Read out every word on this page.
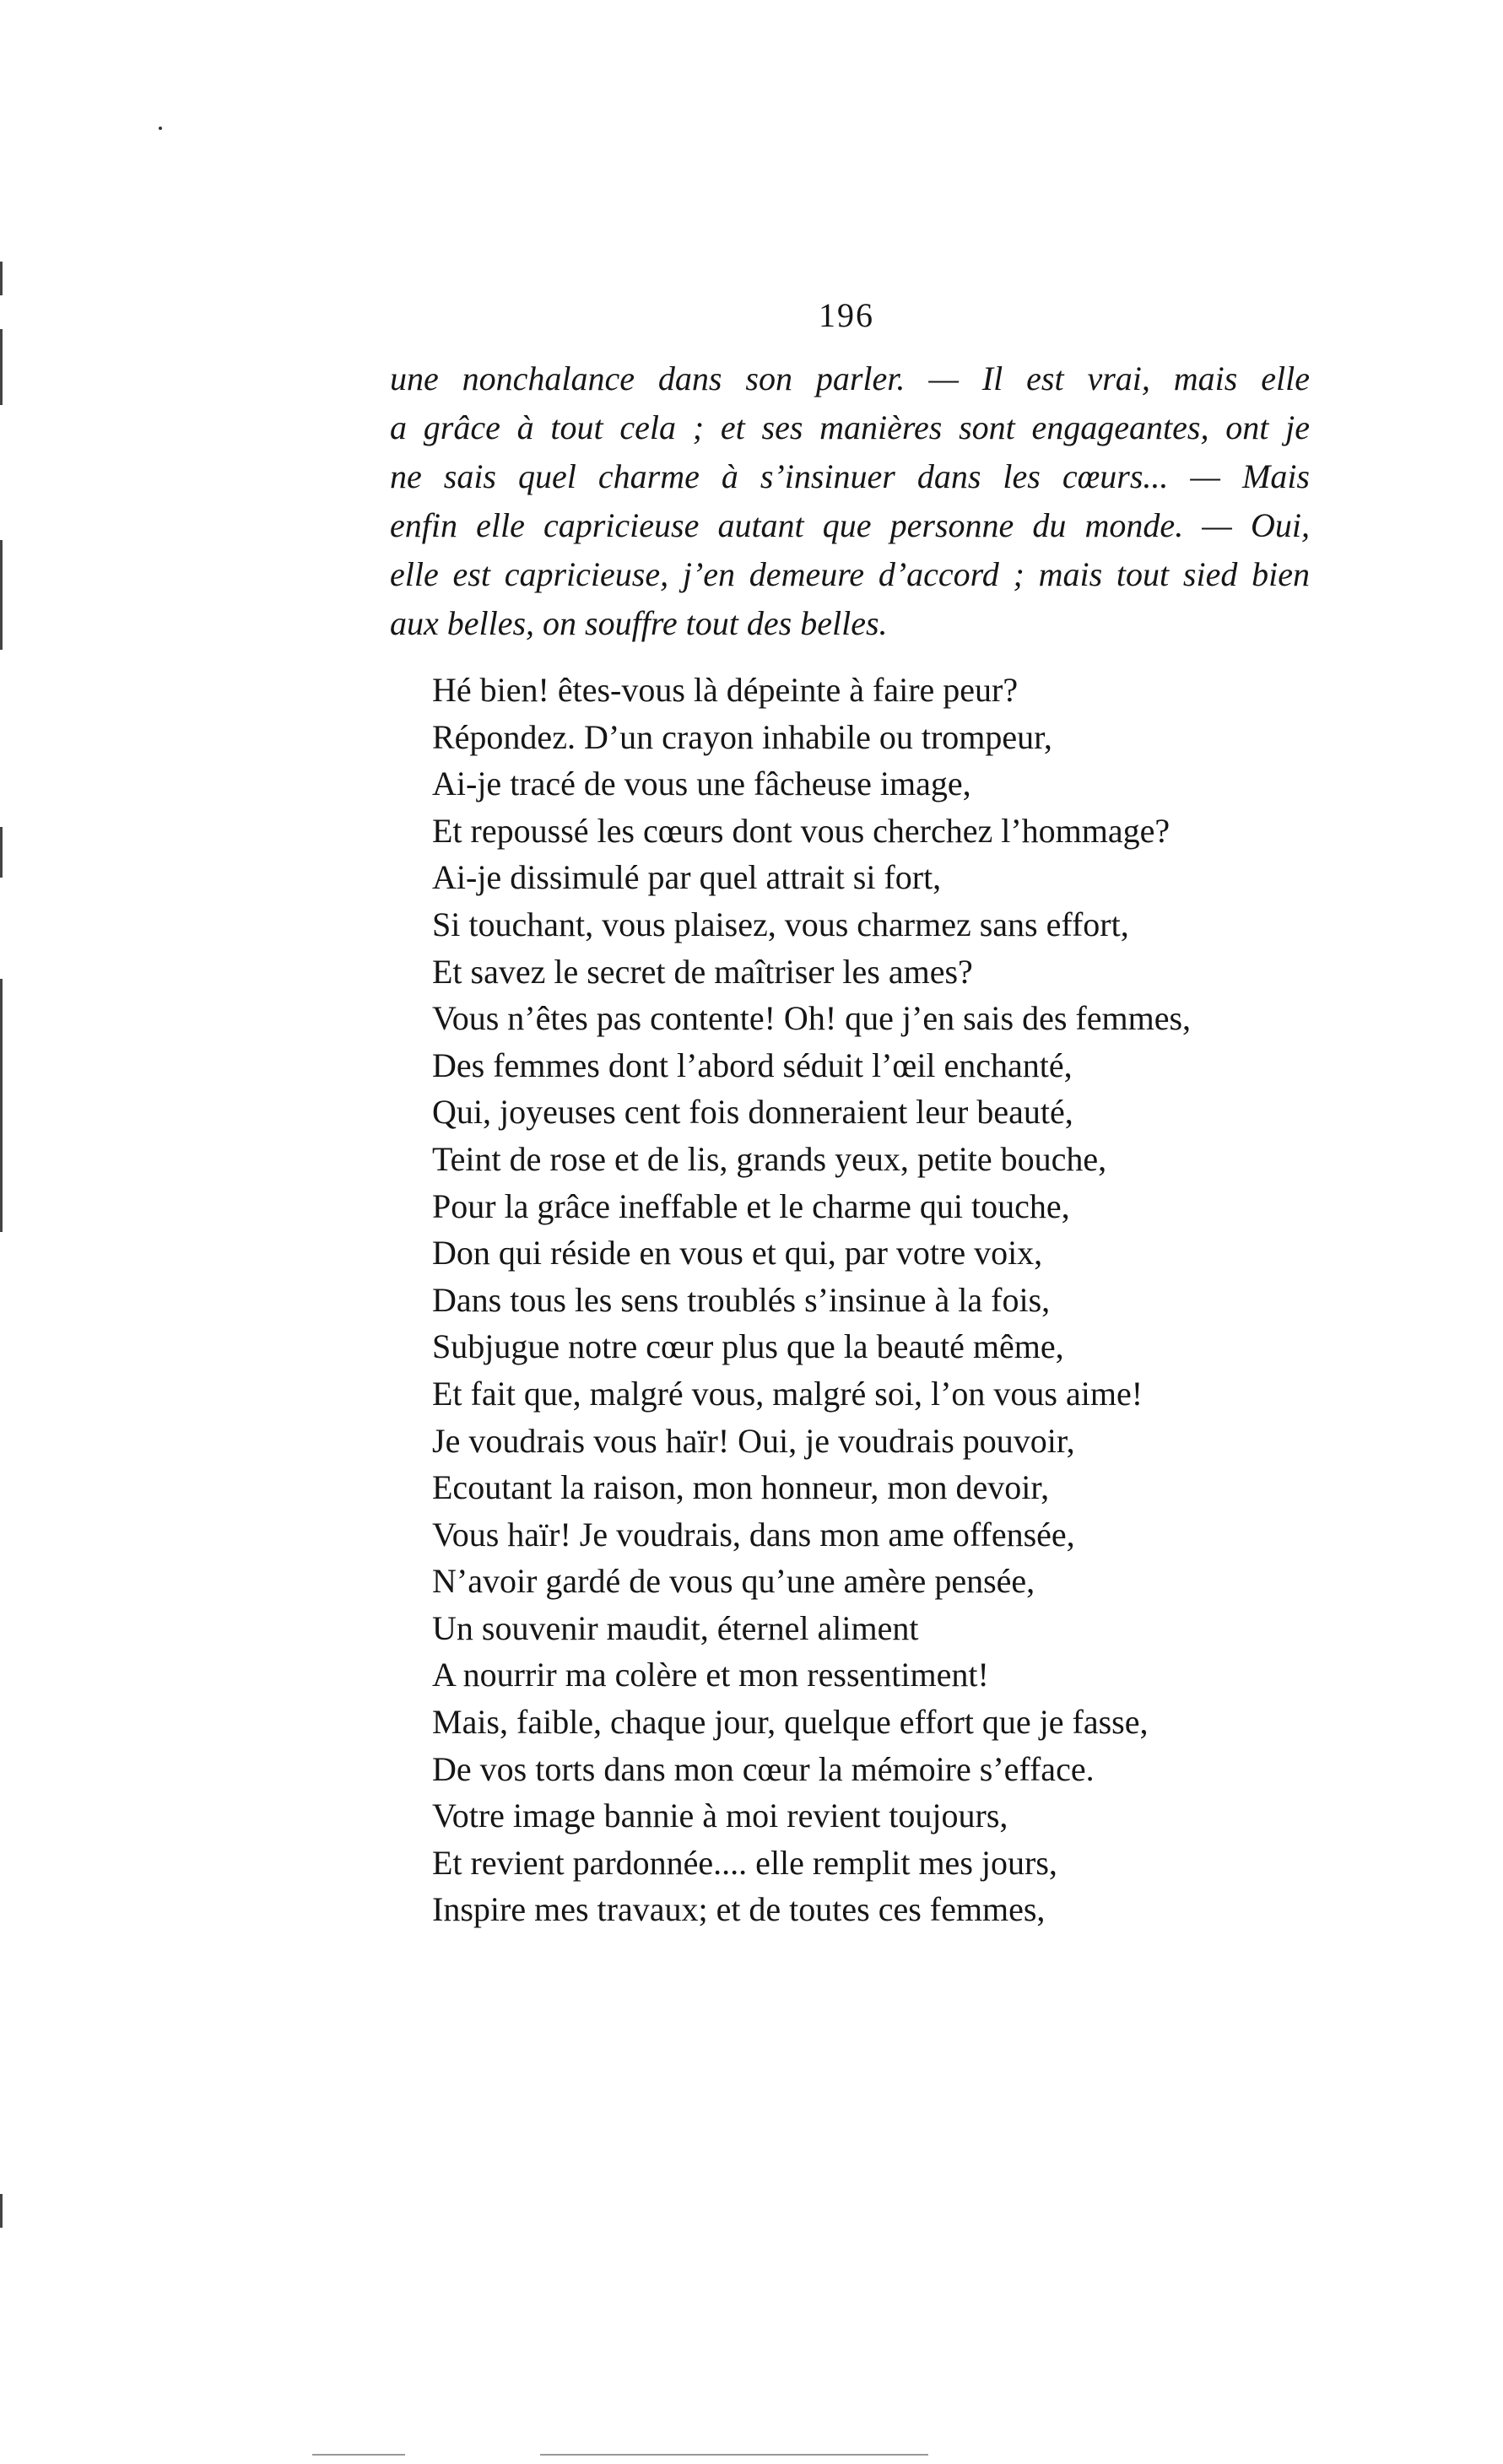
196
une nonchalance dans son parler. — Il est vrai, mais elle
a grâce à tout cela ; et ses manières sont engageantes, ont je
ne sais quel charme à s’insinuer dans les cœurs... — Mais
enfin elle capricieuse autant que personne du monde. — Oui,
elle est capricieuse, j’en demeure d’accord ; mais tout sied bien
aux belles, on souffre tout des belles.
Hé bien! êtes-vous là dépeinte à faire peur?
Répondez. D’un crayon inhabile ou trompeur,
Ai-je tracé de vous une fâcheuse image,
Et repoussé les cœurs dont vous cherchez l’hommage?
Ai-je dissimulé par quel attrait si fort,
Si touchant, vous plaisez, vous charmez sans effort,
Et savez le secret de maîtriser les ames?
Vous n’êtes pas contente! Oh! que j’en sais des femmes,
Des femmes dont l’abord séduit l’œil enchanté,
Qui, joyeuses cent fois donneraient leur beauté,
Teint de rose et de lis, grands yeux, petite bouche,
Pour la grâce ineffable et le charme qui touche,
Don qui réside en vous et qui, par votre voix,
Dans tous les sens troublés s’insinue à la fois,
Subjugue notre cœur plus que la beauté même,
Et fait que, malgré vous, malgré soi, l’on vous aime!
Je voudrais vous haïr! Oui, je voudrais pouvoir,
Ecoutant la raison, mon honneur, mon devoir,
Vous haïr! Je voudrais, dans mon ame offensée,
N’avoir gardé de vous qu’une amère pensée,
Un souvenir maudit, éternel aliment
A nourrir ma colère et mon ressentiment!
Mais, faible, chaque jour, quelque effort que je fasse,
De vos torts dans mon cœur la mémoire s’efface.
Votre image bannie à moi revient toujours,
Et revient pardonnée.... elle remplit mes jours,
Inspire mes travaux; et de toutes ces femmes,
